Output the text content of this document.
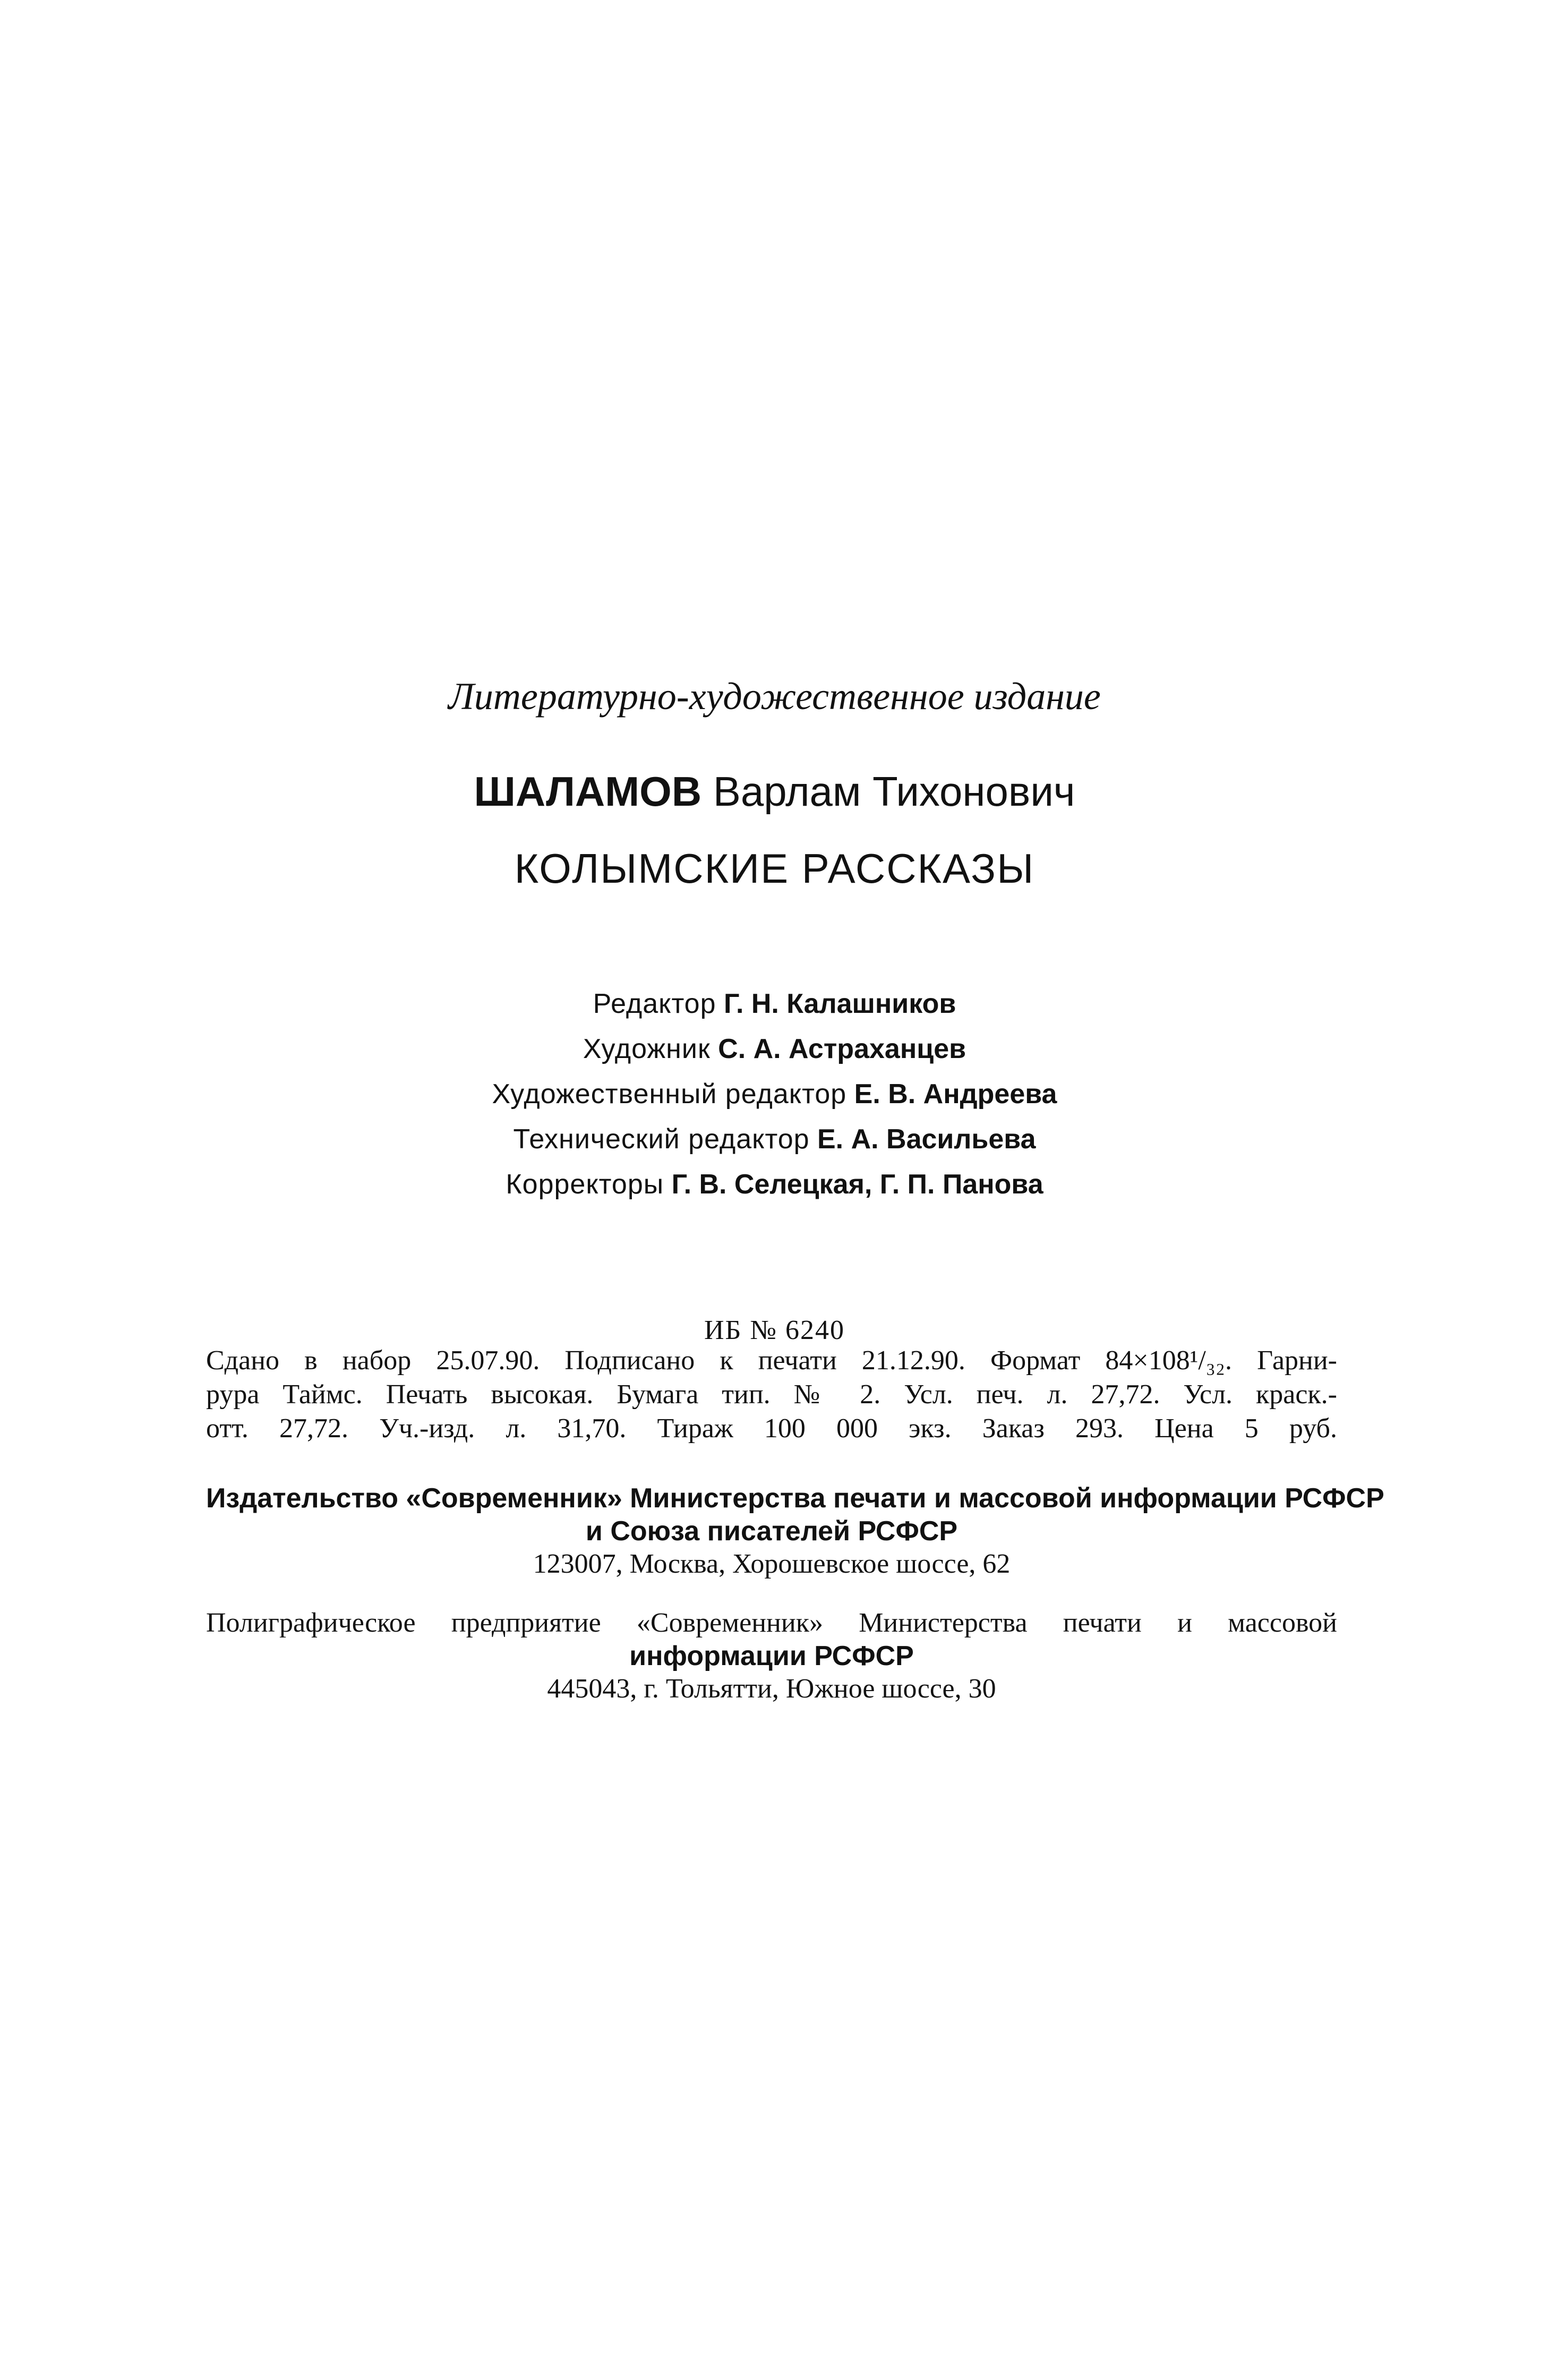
Литературно-художественное издание
ШАЛАМОВ Варлам Тихонович
КОЛЫМСКИЕ РАССКАЗЫ
Редактор Г. Н. Калашников
Художник С. А. Астраханцев
Художественный редактор Е. В. Андреева
Технический редактор Е. А. Васильева
Корректоры Г. В. Селецкая, Г. П. Панова
ИБ № 6240
Сдано в набор 25.07.90. Подписано к печати 21.12.90. Формат 84×108¹/₃₂. Гарни-
рура Таймс. Печать высокая. Бумага тип. № 2. Усл. печ. л. 27,72. Усл. краск.-
отт. 27,72. Уч.-изд. л. 31,70. Тираж 100 000 экз. Заказ 293. Цена 5 руб.
Издательство «Современник» Министерства печати и массовой информации РСФСР
и Союза писателей РСФСР
123007, Москва, Хорошевское шоссе, 62
Полиграфическое предприятие «Современник» Министерства печати и массовой
информации РСФСР
445043, г. Тольятти, Южное шоссе, 30
